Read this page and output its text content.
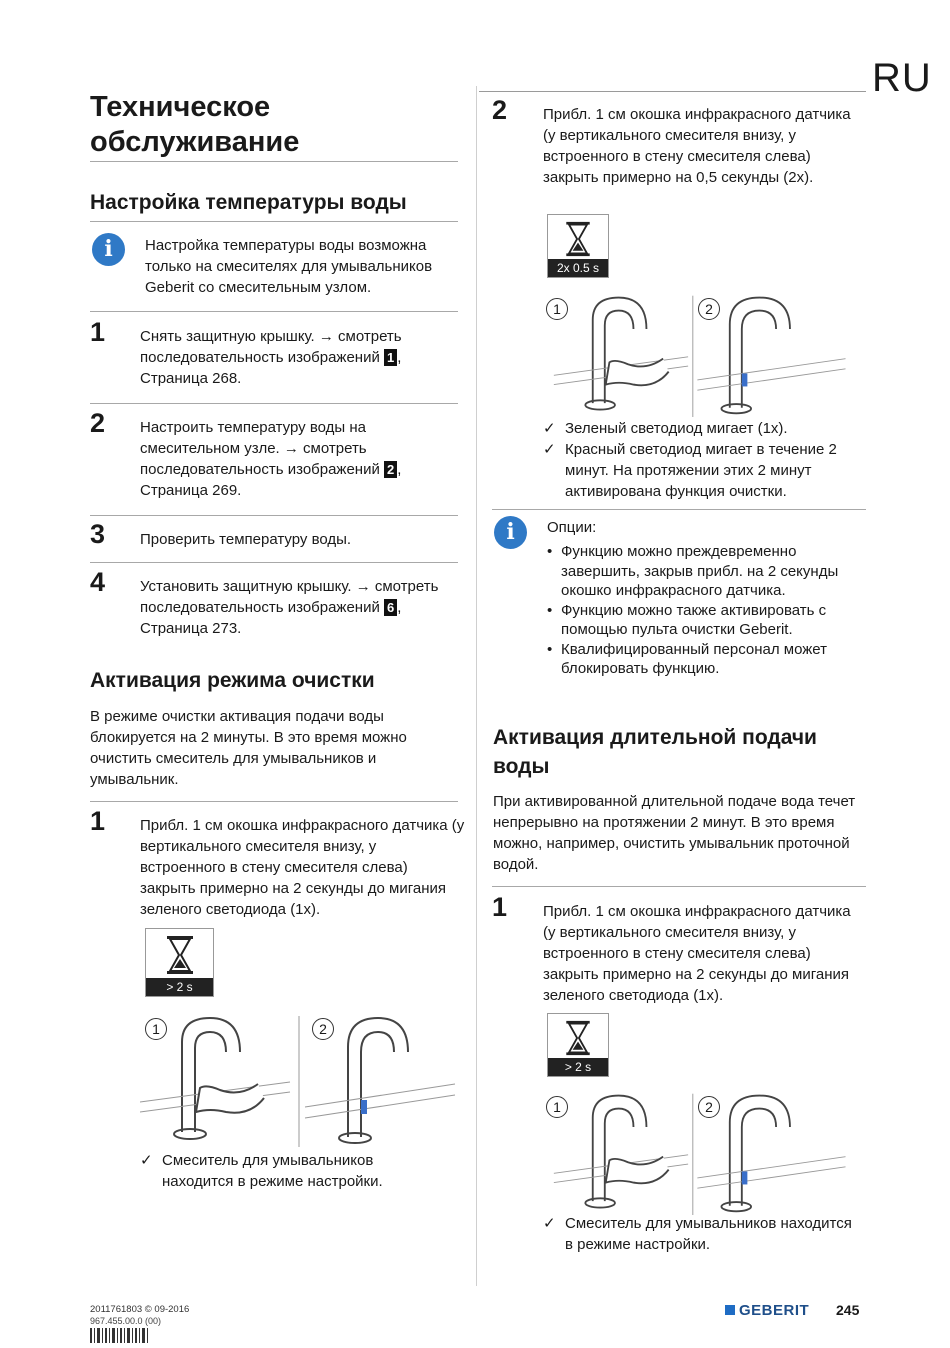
RU
Техническое обслуживание
Настройка температуры воды
i	Настройка температуры воды возможна только на смесителях для умывальников Geberit со смесительным узлом.
1 Снять защитную крышку. → смотреть последовательность изображений 1 , Страница 268.
2 Настроить температуру воды на смесительном узле. → смотреть последовательность изображений 2 , Страница 269.
3 Проверить температуру воды.
4 Установить защитную крышку. → смотреть последовательность изображений 6 , Страница 273.
Активация режима очистки
В режиме очистки активация подачи воды блокируется на 2 минуты. В это время можно очистить смеситель для умывальников и умывальник.
1 Прибл. 1 см окошка инфракрасного датчика (у вертикального смесителя внизу, у встроенного в стену смесителя слева) закрыть примерно на 2 секунды до мигания зеленого светодиода (1x).
> 2 s
1	2
✓ Смеситель для умывальников находится в режиме настройки.
2 Прибл. 1 см окошка инфракрасного датчика (у вертикального смесителя внизу, у встроенного в стену смесителя слева) закрыть примерно на 0,5 секунды (2x).
2x 0.5 s
1	2
✓ Зеленый светодиод мигает (1x).
✓ Красный светодиод мигает в течение 2 минут. На протяжении этих 2 минут активирована функция очистки.
i	Опции:
• Функцию можно преждевременно завершить, закрыв прибл. на 2 секунды окошко инфракрасного датчика.
• Функцию можно также активировать с помощью пульта очистки Geberit.
• Квалифицированный персонал может блокировать функцию.
Активация длительной подачи воды
При активированной длительной подаче вода течет непрерывно на протяжении 2 минут. В это время можно, например, очистить умывальник проточной водой.
1 Прибл. 1 см окошка инфракрасного датчика (у вертикального смесителя внизу, у встроенного в стену смесителя слева) закрыть примерно на 2 секунды до мигания зеленого светодиода (1x).
> 2 s
1	2
✓ Смеситель для умывальников находится в режиме настройки.
2011761803 © 09-2016
967.455.00.0 (00)
GEBERIT 245
